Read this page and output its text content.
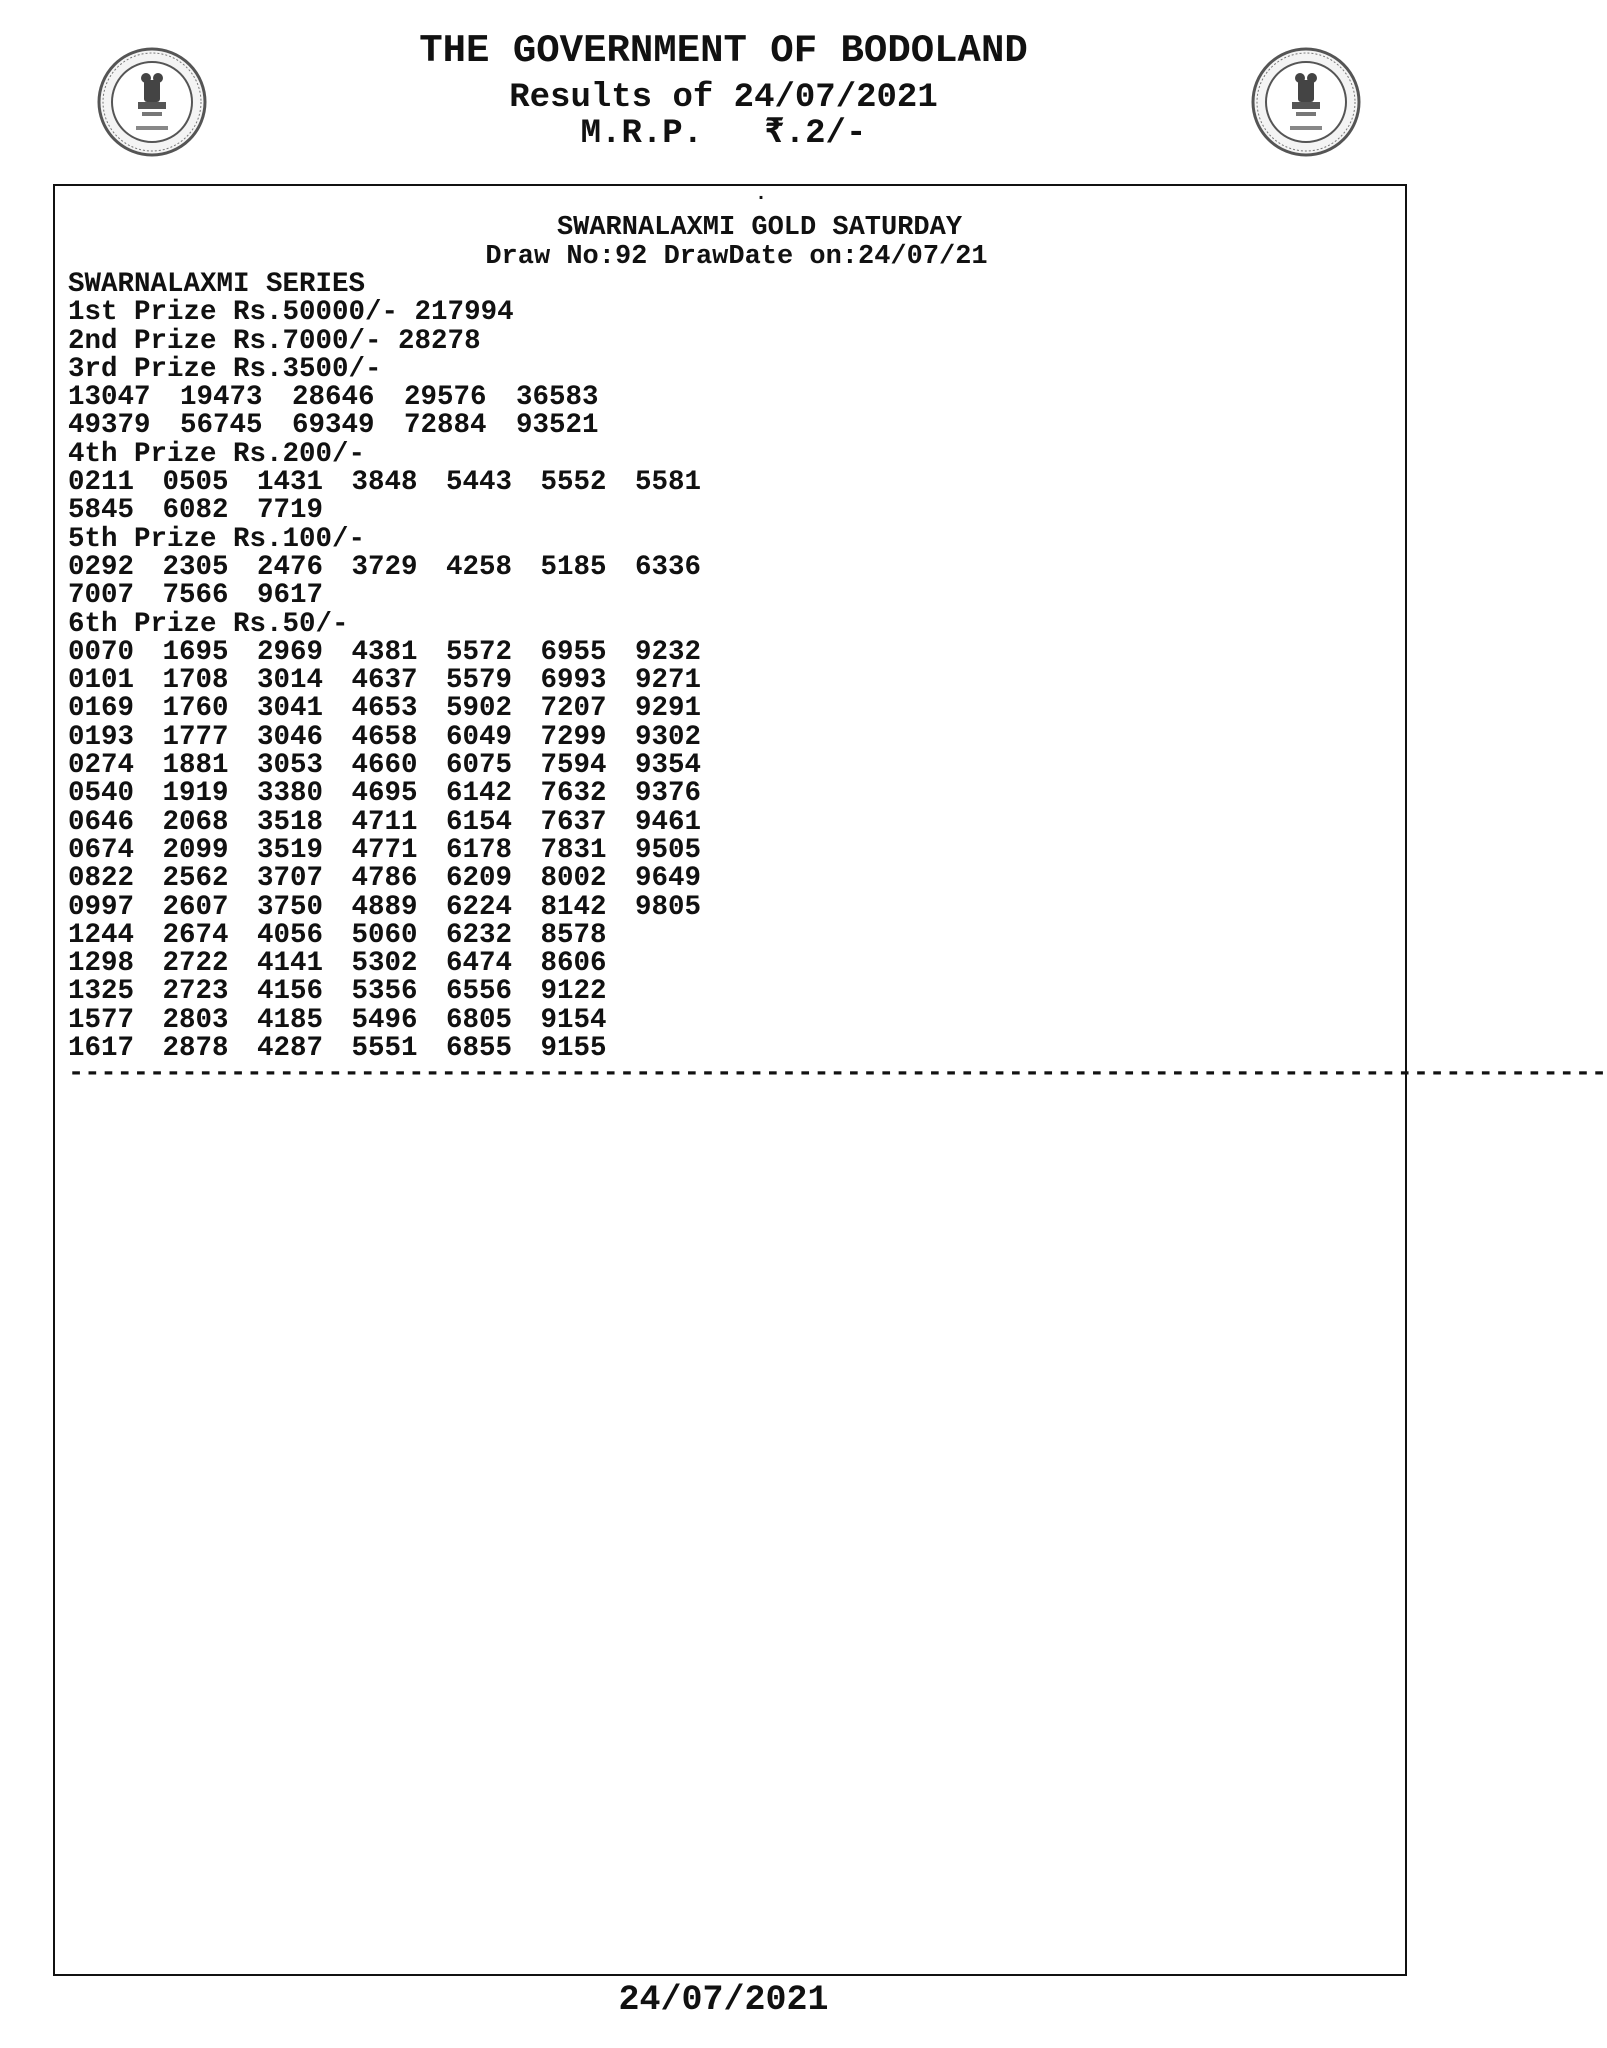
THE GOVERNMENT OF BODOLAND
Results of 24/07/2021
M.R.P.   ₹.2/-
.
SWARNALAXMI GOLD SATURDAY
Draw No:92 DrawDate on:24/07/21
SWARNALAXMI SERIES
1st Prize Rs.50000/- 217994
2nd Prize Rs.7000/- 28278
3rd Prize Rs.3500/-
13047	19473	28646	29576	36583
49379	56745	69349	72884	93521
4th Prize Rs.200/-
0211	0505	1431	3848	5443	5552	5581
5845	6082	7719
5th Prize Rs.100/-
0292	2305	2476	3729	4258	5185	6336
7007	7566	9617
6th Prize Rs.50/-
0070	1695	2969	4381	5572	6955	9232
0101	1708	3014	4637	5579	6993	9271
0169	1760	3041	4653	5902	7207	9291
0193	1777	3046	4658	6049	7299	9302
0274	1881	3053	4660	6075	7594	9354
0540	1919	3380	4695	6142	7632	9376
0646	2068	3518	4711	6154	7637	9461
0674	2099	3519	4771	6178	7831	9505
0822	2562	3707	4786	6209	8002	9649
0997	2607	3750	4889	6224	8142	9805
1244	2674	4056	5060	6232	8578
1298	2722	4141	5302	6474	8606
1325	2723	4156	5356	6556	9122
1577	2803	4185	5496	6805	9154
1617	2878	4287	5551	6855	9155
-----------------------------------------------------------------------------------------------
24/07/2021
